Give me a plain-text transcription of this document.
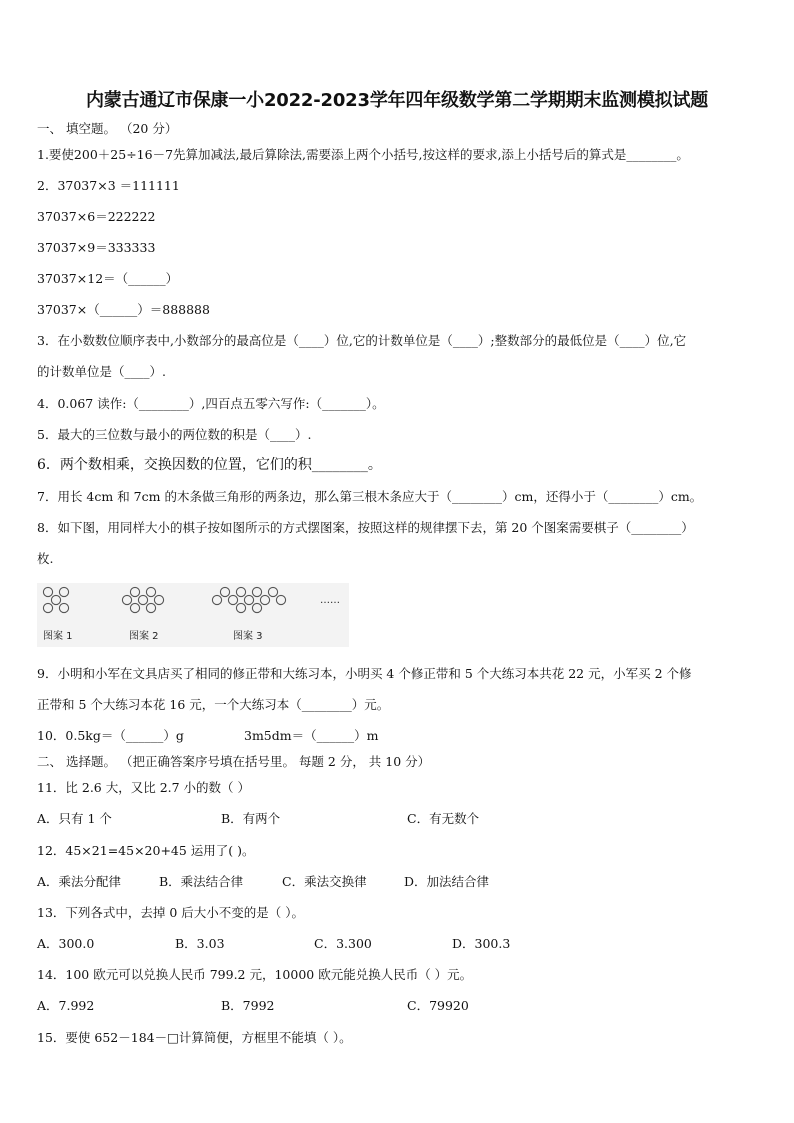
内蒙古通辽市保康一小2022-2023学年四年级数学第二学期期末监测模拟试题
一、 填空题。 （20 分）
1.要使200＋25÷16－7先算加减法,最后算除法,需要添上两个小括号,按这样的要求,添上小括号后的算式是________。
2．37037×3 ＝111111
37037×6＝222222
37037×9＝333333
37037×12＝（______）
37037×（______）＝888888
3．在小数数位顺序表中,小数部分的最高位是（____）位,它的计数单位是（____）;整数部分的最低位是（____）位,它
的计数单位是（____）.
4．0.067 读作:（________）,四百点五零六写作:（_______）。
5．最大的三位数与最小的两位数的积是（____）.
6．两个数相乘，交换因数的位置，它们的积________。
7．用长 4cm 和 7cm 的木条做三角形的两条边，那么第三根木条应大于（________）cm，还得小于（________）cm。
8．如下图，用同样大小的棋子按如图所示的方式摆图案，按照这样的规律摆下去，第 20 个图案需要棋子（________）
枚.
……
图案 1	图案 2	图案 3
9．小明和小军在文具店买了相同的修正带和大练习本，小明买 4 个修正带和 5 个大练习本共花 22 元，小军买 2 个修
正带和 5 个大练习本花 16 元，一个大练习本（________）元。
10．0.5kg＝（______）g	3m5dm＝（______）m
二、 选择题。 （把正确答案序号填在括号里。 每题 2 分， 共 10 分）
11．比 2.6 大，又比 2.7 小的数（ ）
A．只有 1 个	B．有两个	C．有无数个
12．45×21=45×20+45 运用了( )。
A．乘法分配律	B．乘法结合律	C．乘法交换律	D．加法结合律
13．下列各式中，去掉 0 后大小不变的是（ ）。
A．300.0	B．3.03	C．3.300	D．300.3
14．100 欧元可以兑换人民币 799.2 元，10000 欧元能兑换人民币（ ）元。
A．7.992	B．7992	C．79920
15．要使 652－184－□计算简便，方框里不能填（ ）。
